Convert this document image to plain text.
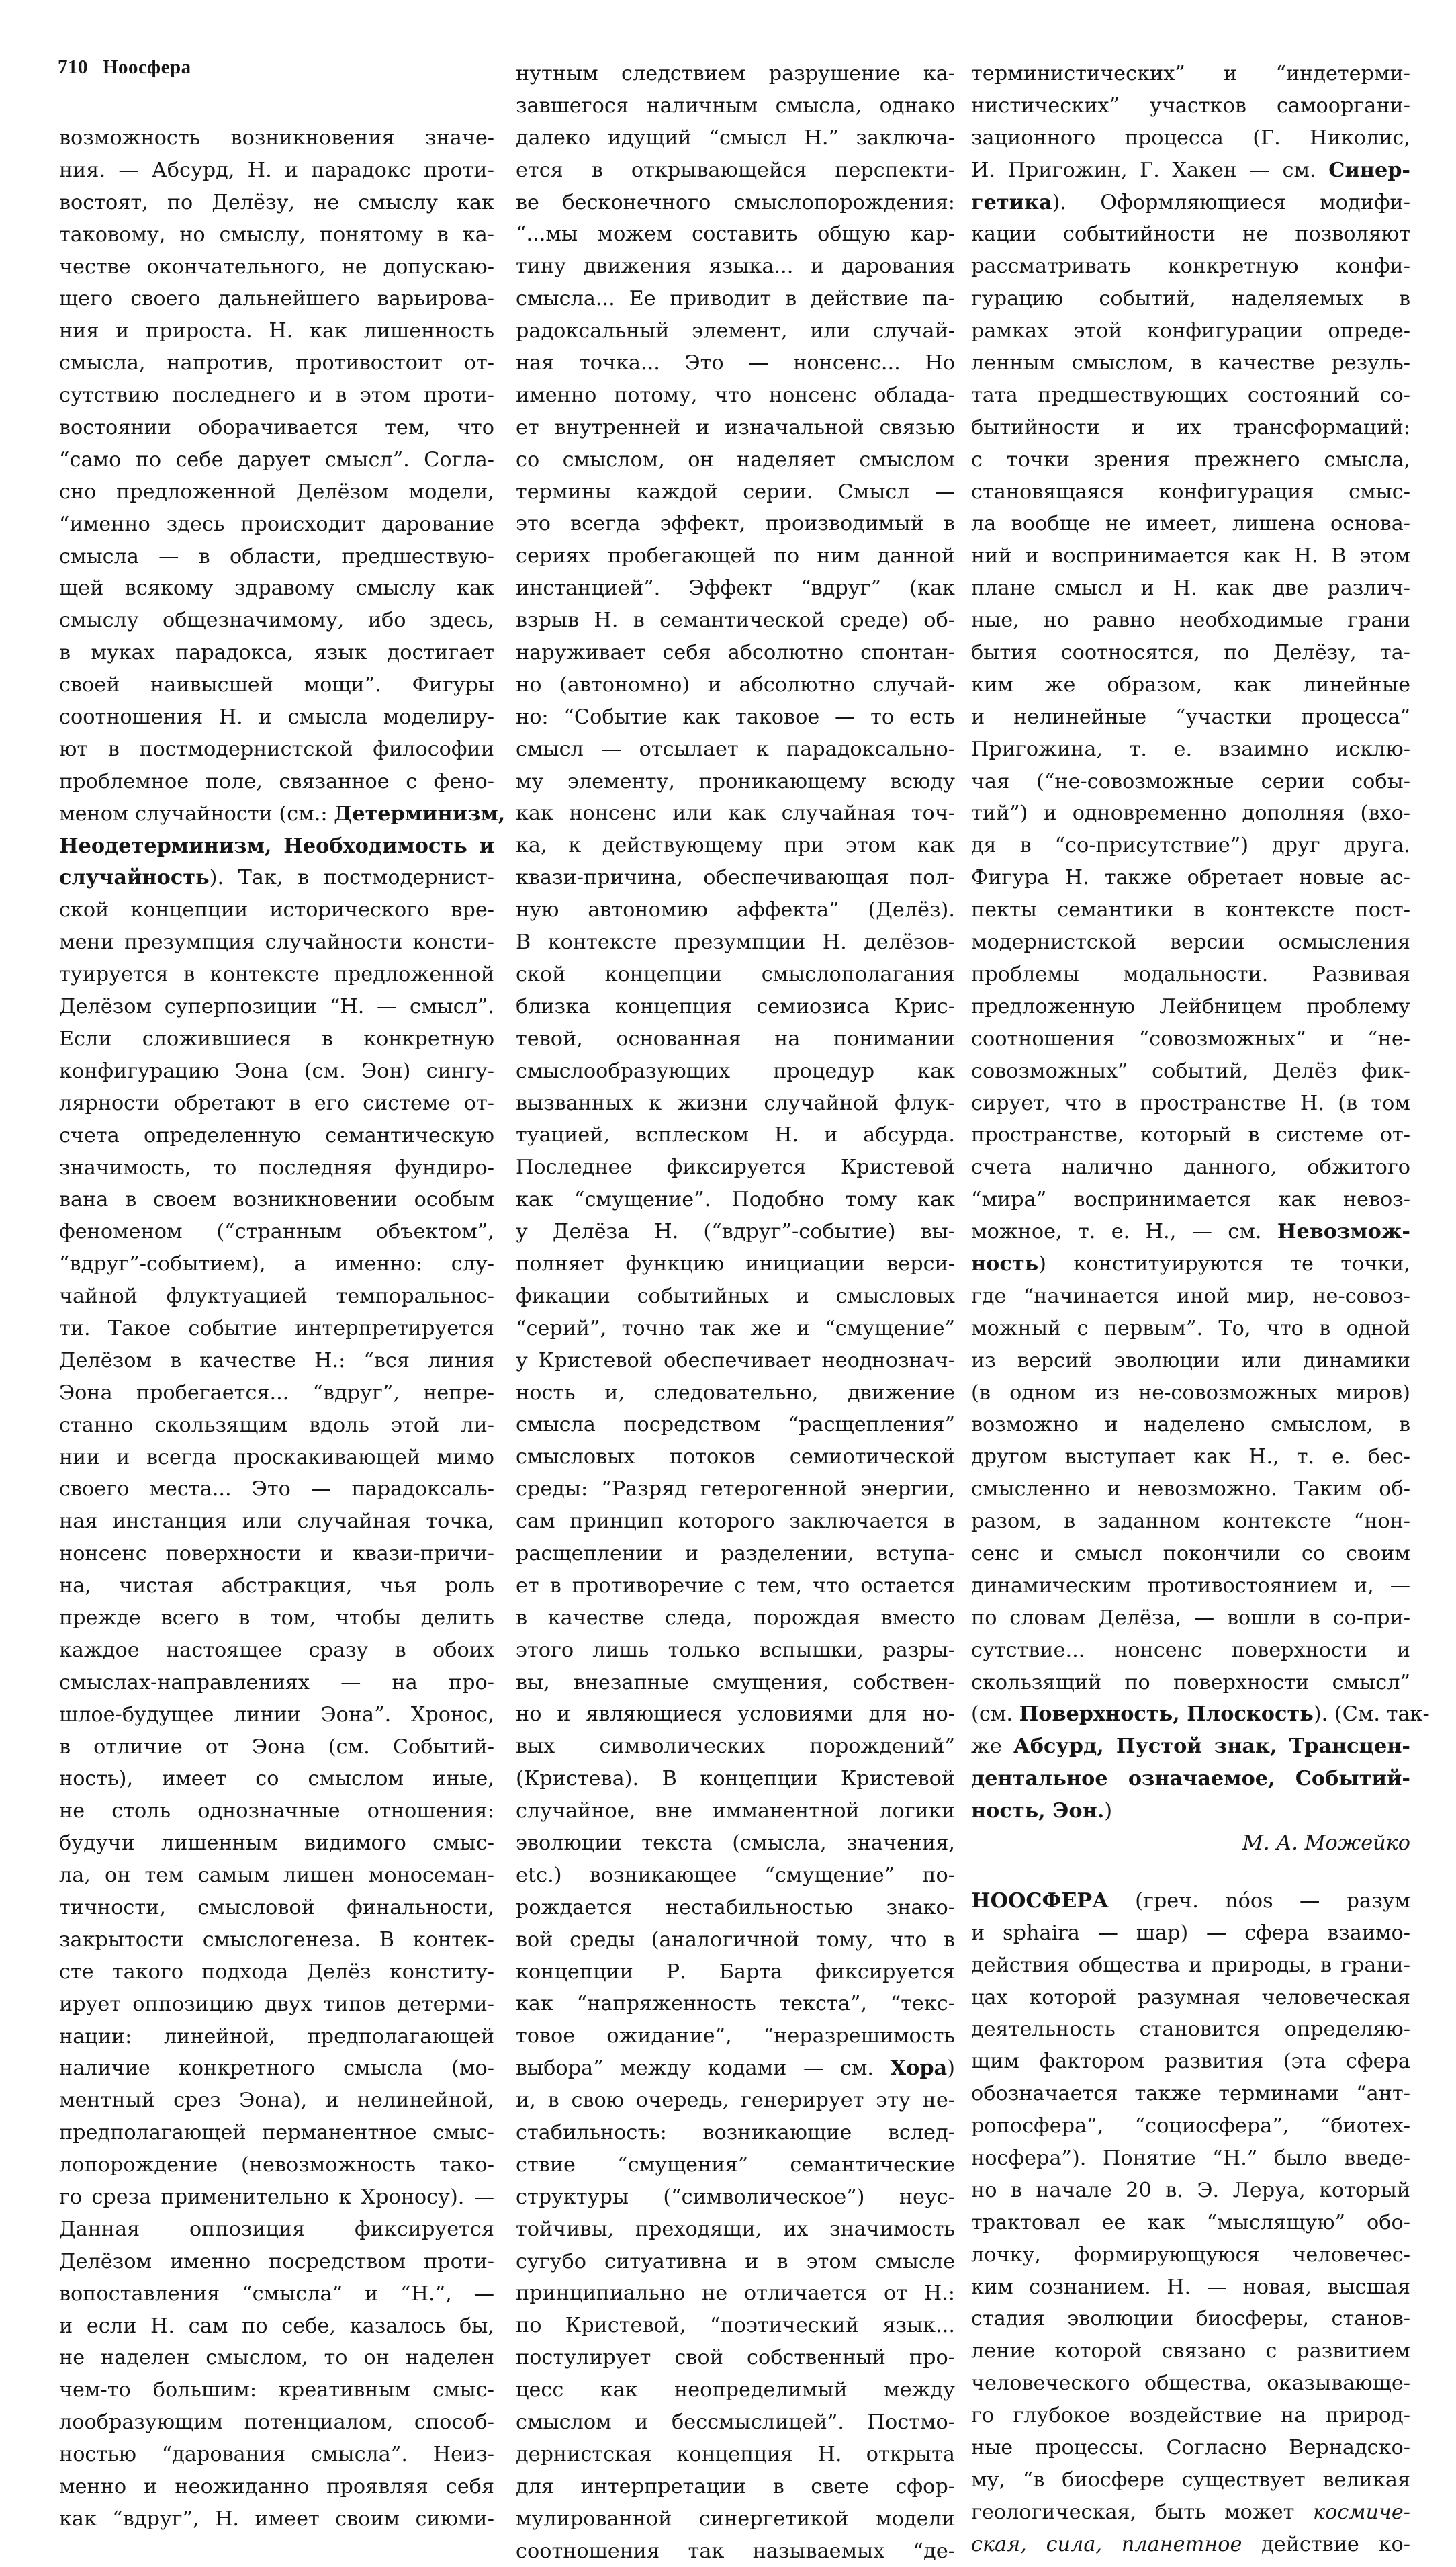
710 Ноосфера
возможность возникновения значе-
ния. — Абсурд, Н. и парадокс проти-
востоят, по Делёзу, не смыслу как
таковому, но смыслу, понятому в ка-
честве окончательного, не допускаю-
щего своего дальнейшего варьирова-
ния и прироста. Н. как лишенность
смысла, напротив, противостоит от-
сутствию последнего и в этом проти-
востоянии оборачивается тем, что
“само по себе дарует смысл”. Согла-
сно предложенной Делёзом модели,
“именно здесь происходит дарование
смысла — в области, предшествую-
щей всякому здравому смыслу как
смыслу общезначимому, ибо здесь,
в муках парадокса, язык достигает
своей наивысшей мощи”. Фигуры
соотношения Н. и смысла моделиру-
ют в постмодернистской философии
проблемное поле, связанное с фено-
меном случайности (см.: Детерминизм,
Неодетерминизм, Необходимость и
случайность). Так, в постмодернист-
ской концепции исторического вре-
мени презумпция случайности консти-
туируется в контексте предложенной
Делёзом суперпозиции “Н. — смысл”.
Если сложившиеся в конкретную
конфигурацию Эона (см. Эон) сингу-
лярности обретают в его системе от-
счета определенную семантическую
значимость, то последняя фундиро-
вана в своем возникновении особым
феноменом (“странным объектом”,
“вдруг”-событием), а именно: слу-
чайной флуктуацией темпоральнос-
ти. Такое событие интерпретируется
Делёзом в качестве Н.: “вся линия
Эона пробегается... “вдруг”, непре-
станно скользящим вдоль этой ли-
нии и всегда проскакивающей мимо
своего места... Это — парадоксаль-
ная инстанция или случайная точка,
нонсенс поверхности и квази-причи-
на, чистая абстракция, чья роль
прежде всего в том, чтобы делить
каждое настоящее сразу в обоих
смыслах-направлениях — на про-
шлое-будущее линии Эона”. Хронос,
в отличие от Эона (см. Событий-
ность), имеет со смыслом иные,
не столь однозначные отношения:
будучи лишенным видимого смыс-
ла, он тем самым лишен моносеман-
тичности, смысловой финальности,
закрытости смыслогенеза. В контек-
сте такого подхода Делёз конститу-
ирует оппозицию двух типов детерми-
нации: линейной, предполагающей
наличие конкретного смысла (мо-
ментный срез Эона), и нелинейной,
предполагающей перманентное смыс-
лопорождение (невозможность тако-
го среза применительно к Хроносу). —
Данная оппозиция фиксируется
Делёзом именно посредством проти-
вопоставления “смысла” и “Н.”, —
и если Н. сам по себе, казалось бы,
не наделен смыслом, то он наделен
чем-то большим: креативным смыс-
лообразующим потенциалом, способ-
ностью “дарования смысла”. Неиз-
менно и неожиданно проявляя себя
как “вдруг”, Н. имеет своим сиюми-
нутным следствием разрушение ка-
завшегося наличным смысла, однако
далеко идущий “смысл Н.” заключа-
ется в открывающейся перспекти-
ве бесконечного смыслопорождения:
“...мы можем составить общую кар-
тину движения языка... и дарования
смысла... Ее приводит в действие па-
радоксальный элемент, или случай-
ная точка... Это — нонсенс... Но
именно потому, что нонсенс облада-
ет внутренней и изначальной связью
со смыслом, он наделяет смыслом
термины каждой серии. Смысл —
это всегда эффект, производимый в
сериях пробегающей по ним данной
инстанцией”. Эффект “вдруг” (как
взрыв Н. в семантической среде) об-
наруживает себя абсолютно спонтан-
но (автономно) и абсолютно случай-
но: “Событие как таковое — то есть
смысл — отсылает к парадоксально-
му элементу, проникающему всюду
как нонсенс или как случайная точ-
ка, к действующему при этом как
квази-причина, обеспечивающая пол-
ную автономию аффекта” (Делёз).
В контексте презумпции Н. делёзов-
ской концепции смыслополагания
близка концепция семиозиса Крис-
тевой, основанная на понимании
смыслообразующих процедур как
вызванных к жизни случайной флук-
туацией, всплеском Н. и абсурда.
Последнее фиксируется Кристевой
как “смущение”. Подобно тому как
у Делёза Н. (“вдруг”-событие) вы-
полняет функцию инициации верси-
фикации событийных и смысловых
“серий”, точно так же и “смущение”
у Кристевой обеспечивает неоднознач-
ность и, следовательно, движение
смысла посредством “расщепления”
смысловых потоков семиотической
среды: “Разряд гетерогенной энергии,
сам принцип которого заключается в
расщеплении и разделении, вступа-
ет в противоречие с тем, что остается
в качестве следа, порождая вместо
этого лишь только вспышки, разры-
вы, внезапные смущения, собствен-
но и являющиеся условиями для но-
вых символических порождений”
(Кристева). В концепции Кристевой
случайное, вне имманентной логики
эволюции текста (смысла, значения,
etc.) возникающее “смущение” по-
рождается нестабильностью знако-
вой среды (аналогичной тому, что в
концепции Р. Барта фиксируется
как “напряженность текста”, “текс-
товое ожидание”, “неразрешимость
выбора” между кодами — см. Хора)
и, в свою очередь, генерирует эту не-
стабильность: возникающие вслед-
ствие “смущения” семантические
структуры (“символическое”) неус-
тойчивы, преходящи, их значимость
сугубо ситуативна и в этом смысле
принципиально не отличается от Н.:
по Кристевой, “поэтический язык...
постулирует свой собственный про-
цесс как неопределимый между
смыслом и бессмыслицей”. Постмо-
дернистская концепция Н. открыта
для интерпретации в свете сфор-
мулированной синергетикой модели
соотношения так называемых “де-
терминистических” и “индетерми-
нистических” участков самооргани-
зационного процесса (Г. Николис,
И. Пригожин, Г. Хакен — см. Синер-
гетика). Оформляющиеся модифи-
кации событийности не позволяют
рассматривать конкретную конфи-
гурацию событий, наделяемых в
рамках этой конфигурации опреде-
ленным смыслом, в качестве резуль-
тата предшествующих состояний со-
бытийности и их трансформаций:
с точки зрения прежнего смысла,
становящаяся конфигурация смыс-
ла вообще не имеет, лишена основа-
ний и воспринимается как Н. В этом
плане смысл и Н. как две различ-
ные, но равно необходимые грани
бытия соотносятся, по Делёзу, та-
ким же образом, как линейные
и нелинейные “участки процесса”
Пригожина, т. е. взаимно исклю-
чая (“не-совозможные серии собы-
тий”) и одновременно дополняя (вхо-
дя в “со-присутствие”) друг друга.
Фигура Н. также обретает новые ас-
пекты семантики в контексте пост-
модернистской версии осмысления
проблемы модальности. Развивая
предложенную Лейбницем проблему
соотношения “совозможных” и “не-
совозможных” событий, Делёз фик-
сирует, что в пространстве Н. (в том
пространстве, который в системе от-
счета налично данного, обжитого
“мира” воспринимается как невоз-
можное, т. е. Н., — см. Невозмож-
ность) конституируются те точки,
где “начинается иной мир, не-совоз-
можный с первым”. То, что в одной
из версий эволюции или динамики
(в одном из не-совозможных миров)
возможно и наделено смыслом, в
другом выступает как Н., т. е. бес-
смысленно и невозможно. Таким об-
разом, в заданном контексте “нон-
сенс и смысл покончили со своим
динамическим противостоянием и, —
по словам Делёза, — вошли в со-при-
сутствие... нонсенс поверхности и
скользящий по поверхности смысл”
(см. Поверхность, Плоскость). (См. так-
же Абсурд, Пустой знак, Трансцен-
дентальное означаемое, Событий-
ность, Эон.)
М. А. Можейко
НООСФЕРА (греч. nóos — разум
и sphaira — шар) — сфера взаимо-
действия общества и природы, в грани-
цах которой разумная человеческая
деятельность становится определяю-
щим фактором развития (эта сфера
обозначается также терминами “ант-
ропосфера”, “социосфера”, “биотех-
носфера”). Понятие “Н.” было введе-
но в начале 20 в. Э. Леруа, который
трактовал ее как “мыслящую” обо-
лочку, формирующуюся человечес-
ким сознанием. Н. — новая, высшая
стадия эволюции биосферы, станов-
ление которой связано с развитием
человеческого общества, оказывающе-
го глубокое воздействие на природ-
ные процессы. Согласно Вернадско-
му, “в биосфере существует великая
геологическая, быть может космиче-
ская, сила, планетное действие ко-
